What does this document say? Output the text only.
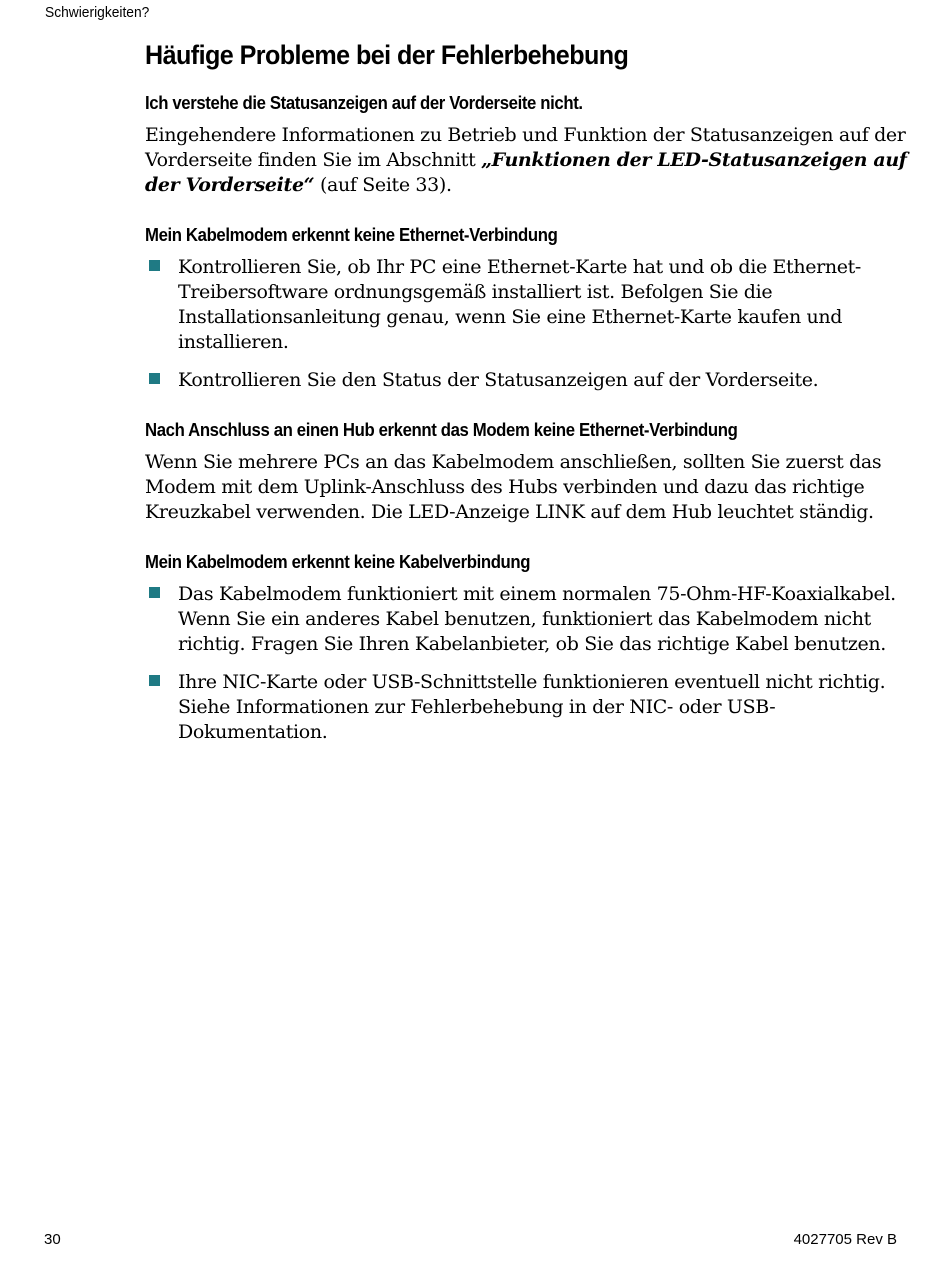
Schwierigkeiten?
Häufige Probleme bei der Fehlerbehebung
Ich verstehe die Statusanzeigen auf der Vorderseite nicht.

Eingehendere Informationen zu Betrieb und Funktion der Statusanzeigen auf der Vorderseite finden Sie im Abschnitt „Funktionen der LED-Statusanzeigen auf der Vorderseite“ (auf Seite 33).

Mein Kabelmodem erkennt keine Ethernet-Verbindung

Kontrollieren Sie, ob Ihr PC eine Ethernet-Karte hat und ob die Ethernet-Treibersoftware ordnungsgemäß installiert ist. Befolgen Sie die Installationsanleitung genau, wenn Sie eine Ethernet-Karte kaufen und installieren.

Kontrollieren Sie den Status der Statusanzeigen auf der Vorderseite.

Nach Anschluss an einen Hub erkennt das Modem keine Ethernet-Verbindung

Wenn Sie mehrere PCs an das Kabelmodem anschließen, sollten Sie zuerst das Modem mit dem Uplink-Anschluss des Hubs verbinden und dazu das richtige Kreuzkabel verwenden. Die LED-Anzeige LINK auf dem Hub leuchtet ständig.

Mein Kabelmodem erkennt keine Kabelverbindung

Das Kabelmodem funktioniert mit einem normalen 75-Ohm-HF-Koaxialkabel. Wenn Sie ein anderes Kabel benutzen, funktioniert das Kabelmodem nicht richtig. Fragen Sie Ihren Kabelanbieter, ob Sie das richtige Kabel benutzen.

Ihre NIC-Karte oder USB-Schnittstelle funktionieren eventuell nicht richtig. Siehe Informationen zur Fehlerbehebung in der NIC- oder USB-Dokumentation.

30	4027705 Rev B
